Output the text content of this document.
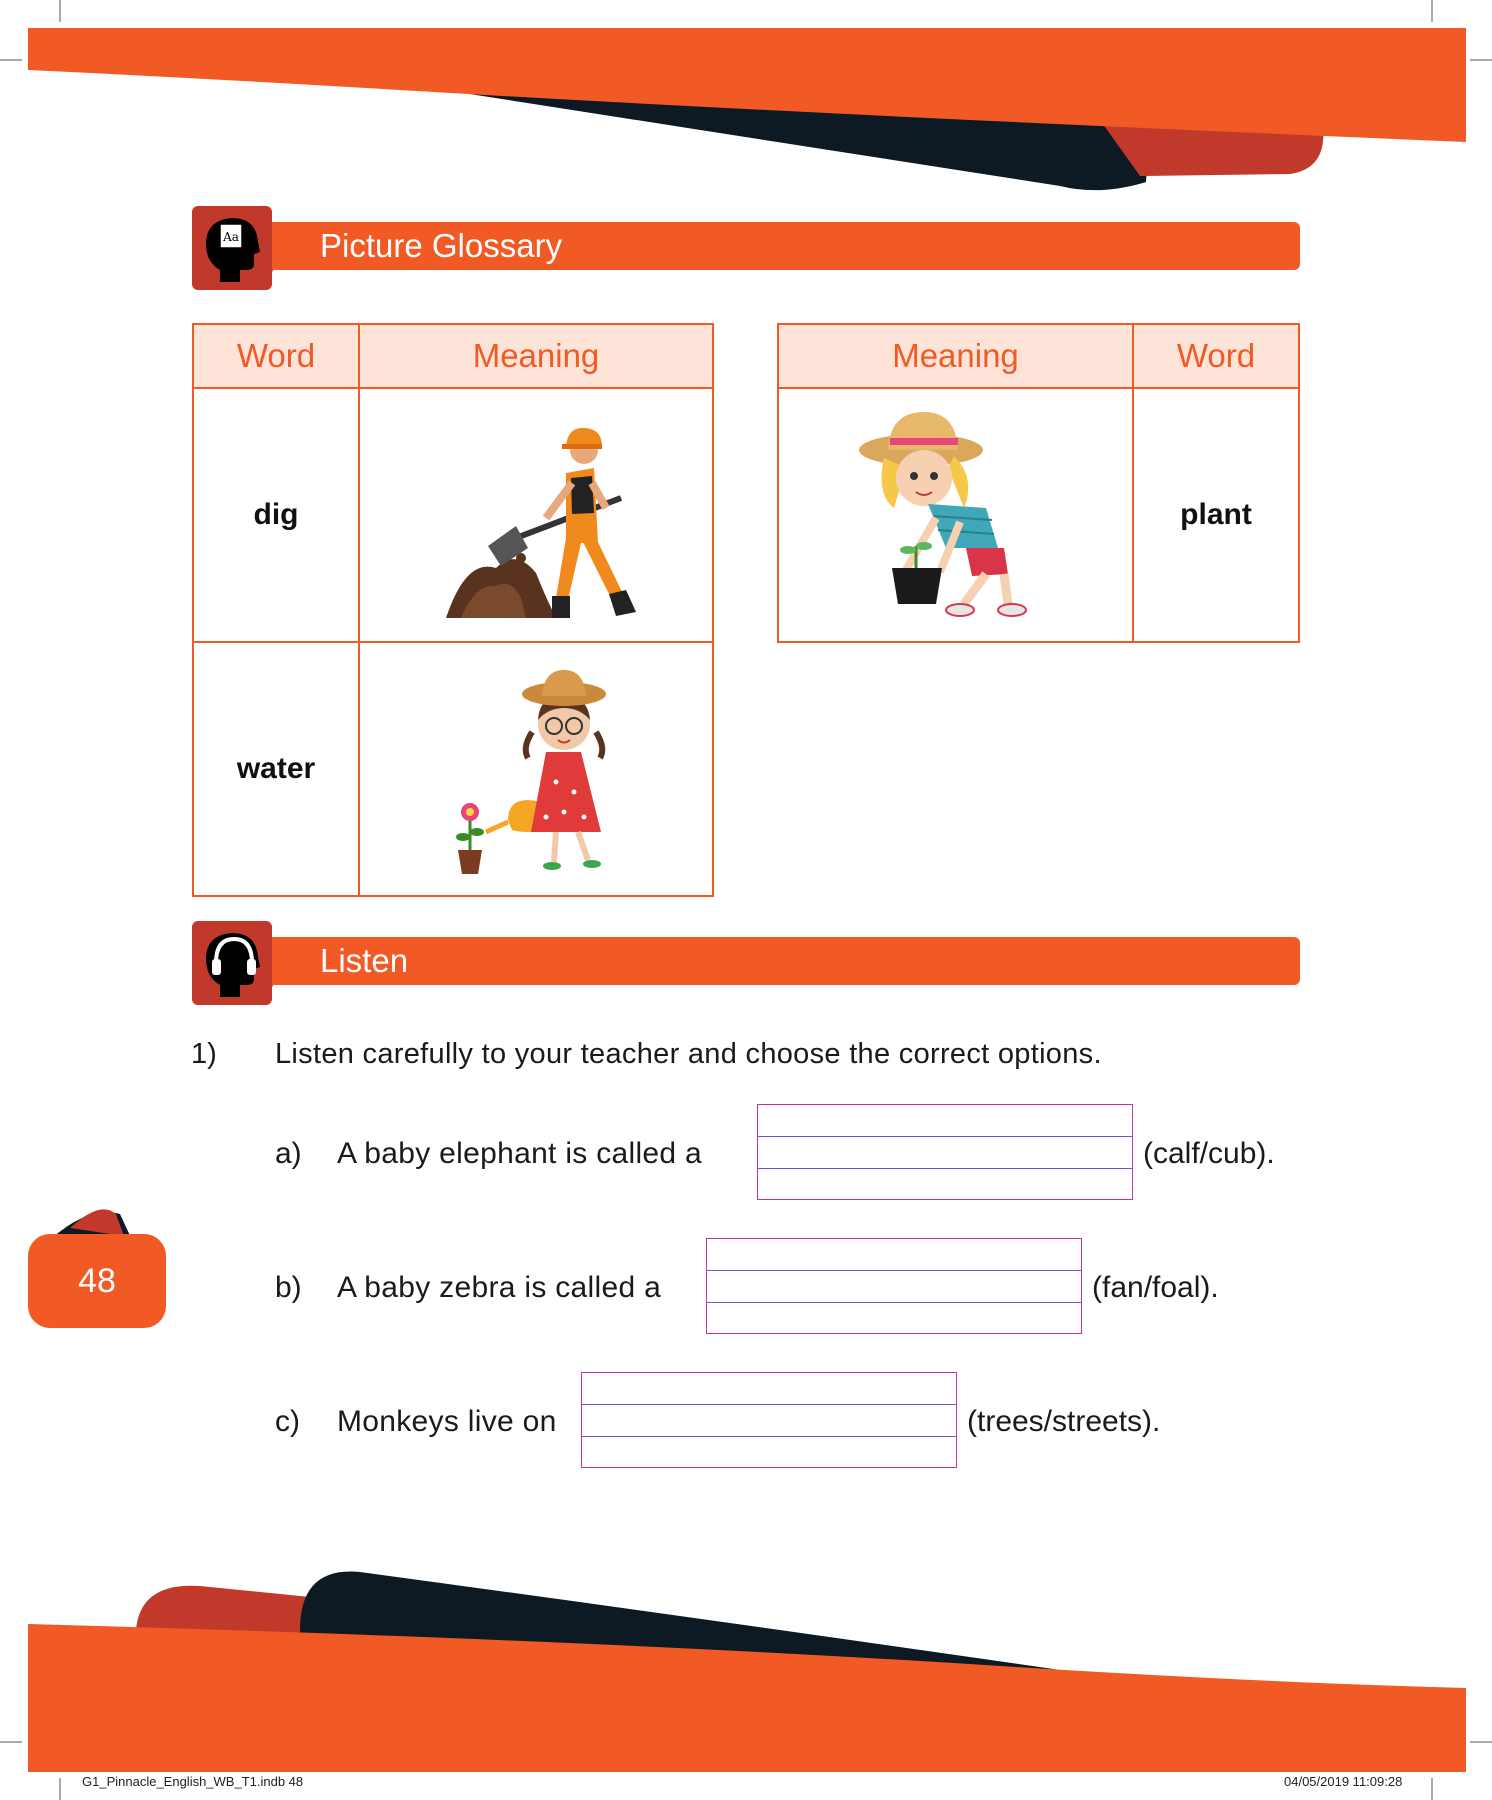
Aa Picture Glossary
Word	Meaning
dig	
water	
Meaning	Word
	plant
Listen
1) Listen carefully to your teacher and choose the correct options.
a) A baby elephant is called a	(calf/cub).
b) A baby zebra is called a	(fan/foal).
c) Monkeys live on	(trees/streets).
48
G1_Pinnacle_English_WB_T1.indb 48	04/05/2019 11:09:28
